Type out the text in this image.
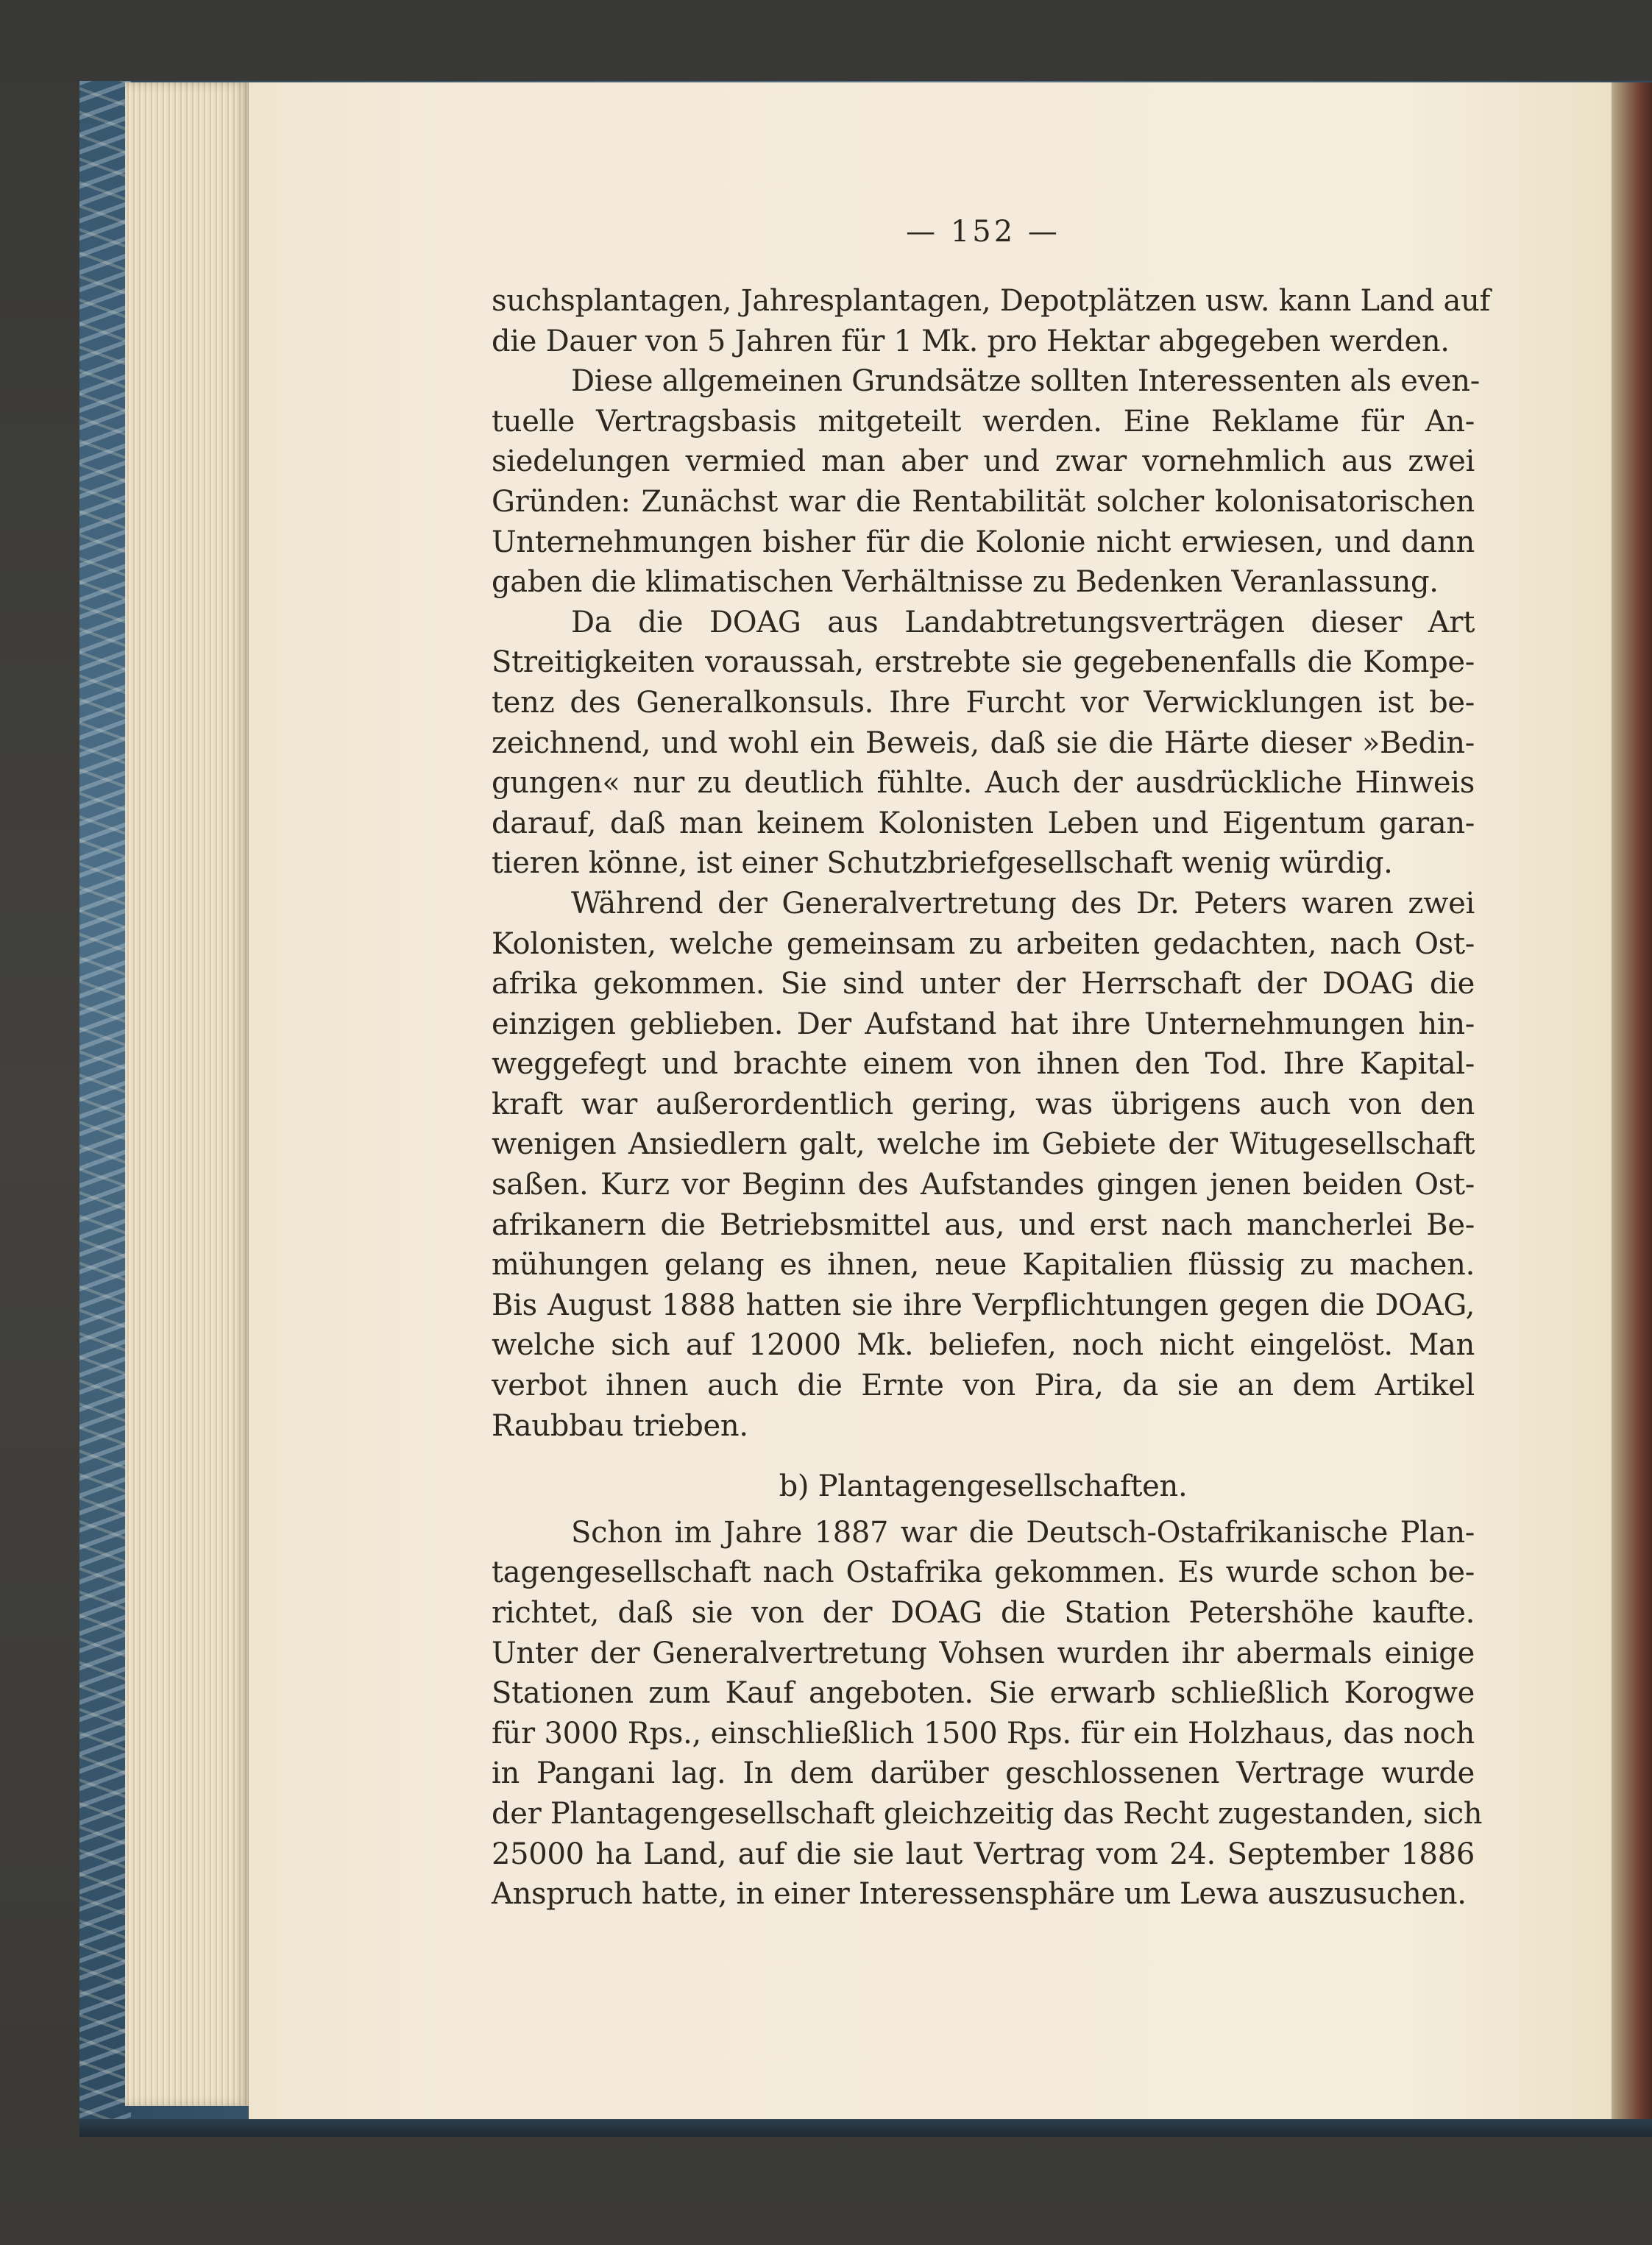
— 152 —
suchsplantagen, Jahresplantagen, Depotplätzen usw. kann Land auf
die Dauer von 5 Jahren für 1 Mk. pro Hektar abgegeben werden.
Diese allgemeinen Grundsätze sollten Interessenten als even-
tuelle Vertragsbasis mitgeteilt werden. Eine Reklame für An-
siedelungen vermied man aber und zwar vornehmlich aus zwei
Gründen: Zunächst war die Rentabilität solcher kolonisatorischen
Unternehmungen bisher für die Kolonie nicht erwiesen, und dann
gaben die klimatischen Verhältnisse zu Bedenken Veranlassung.
Da die DOAG aus Landabtretungsverträgen dieser Art
Streitigkeiten voraussah, erstrebte sie gegebenenfalls die Kompe-
tenz des Generalkonsuls. Ihre Furcht vor Verwicklungen ist be-
zeichnend, und wohl ein Beweis, daß sie die Härte dieser »Bedin-
gungen« nur zu deutlich fühlte. Auch der ausdrückliche Hinweis
darauf, daß man keinem Kolonisten Leben und Eigentum garan-
tieren könne, ist einer Schutzbriefgesellschaft wenig würdig.
Während der Generalvertretung des Dr. Peters waren zwei
Kolonisten, welche gemeinsam zu arbeiten gedachten, nach Ost-
afrika gekommen. Sie sind unter der Herrschaft der DOAG die
einzigen geblieben. Der Aufstand hat ihre Unternehmungen hin-
weggefegt und brachte einem von ihnen den Tod. Ihre Kapital-
kraft war außerordentlich gering, was übrigens auch von den
wenigen Ansiedlern galt, welche im Gebiete der Witugesellschaft
saßen. Kurz vor Beginn des Aufstandes gingen jenen beiden Ost-
afrikanern die Betriebsmittel aus, und erst nach mancherlei Be-
mühungen gelang es ihnen, neue Kapitalien flüssig zu machen.
Bis August 1888 hatten sie ihre Verpflichtungen gegen die DOAG,
welche sich auf 12000 Mk. beliefen, noch nicht eingelöst. Man
verbot ihnen auch die Ernte von Pira, da sie an dem Artikel
Raubbau trieben.
b) Plantagengesellschaften.
Schon im Jahre 1887 war die Deutsch-Ostafrikanische Plan-
tagengesellschaft nach Ostafrika gekommen. Es wurde schon be-
richtet, daß sie von der DOAG die Station Petershöhe kaufte.
Unter der Generalvertretung Vohsen wurden ihr abermals einige
Stationen zum Kauf angeboten. Sie erwarb schließlich Korogwe
für 3000 Rps., einschließlich 1500 Rps. für ein Holzhaus, das noch
in Pangani lag. In dem darüber geschlossenen Vertrage wurde
der Plantagengesellschaft gleichzeitig das Recht zugestanden, sich
25000 ha Land, auf die sie laut Vertrag vom 24. September 1886
Anspruch hatte, in einer Interessensphäre um Lewa auszusuchen.
